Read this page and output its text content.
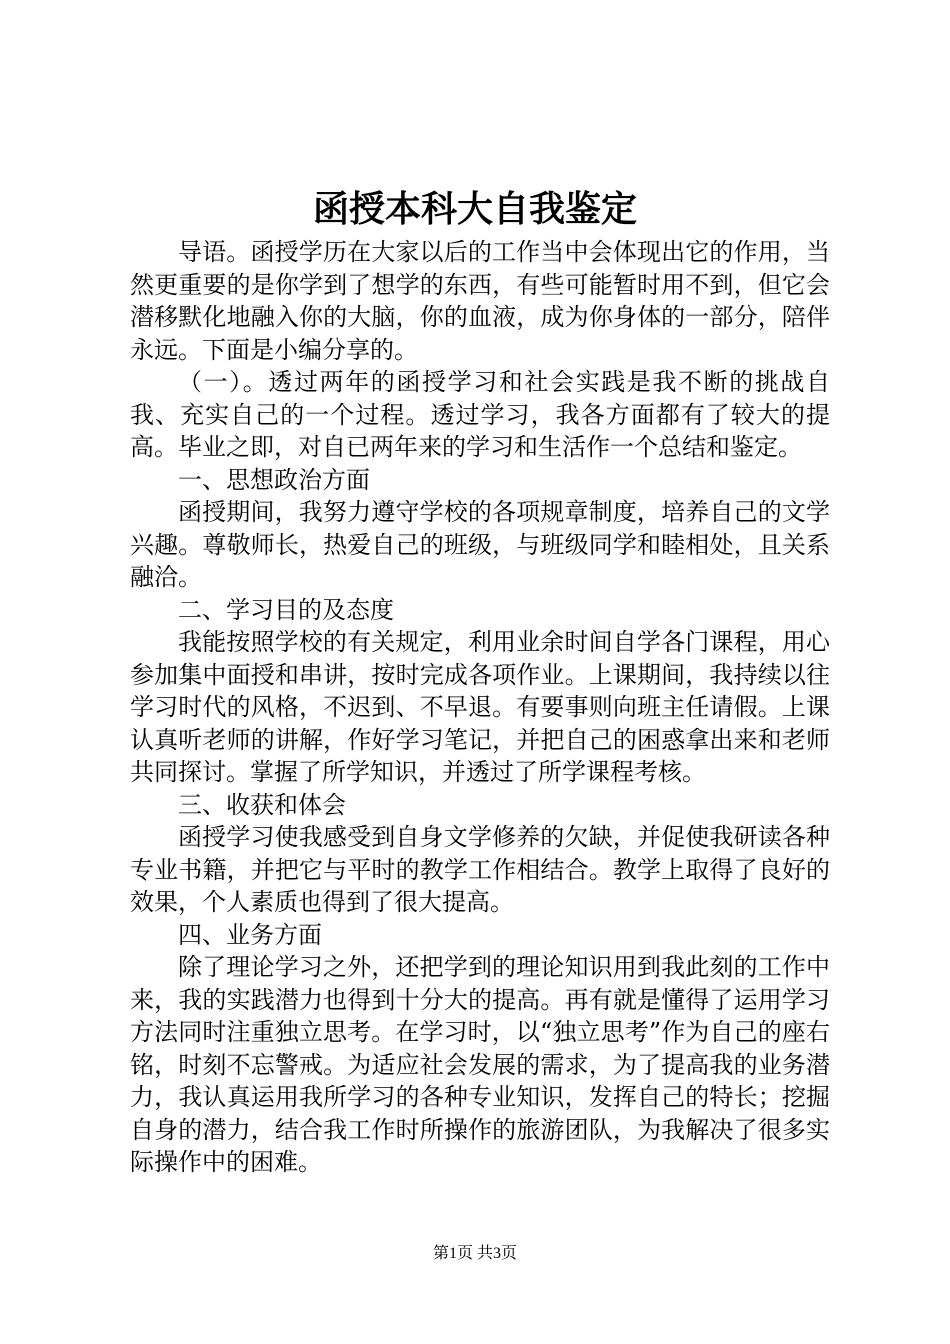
函授本科大自我鉴定

导语。函授学历在大家以后的工作当中会体现出它的作用，当然更重要的是你学到了想学的东西，有些可能暂时用不到，但它会潜移默化地融入你的大脑，你的血液，成为你身体的一部分，陪伴永远。下面是小编分享的。

（一）。透过两年的函授学习和社会实践是我不断的挑战自我、充实自己的一个过程。透过学习，我各方面都有了较大的提高。毕业之即，对自已两年来的学习和生活作一个总结和鉴定。

一、思想政治方面

函授期间，我努力遵守学校的各项规章制度，培养自己的文学兴趣。尊敬师长，热爱自己的班级，与班级同学和睦相处，且关系融洽。

二、学习目的及态度

我能按照学校的有关规定，利用业余时间自学各门课程，用心参加集中面授和串讲，按时完成各项作业。上课期间，我持续以往学习时代的风格，不迟到、不早退。有要事则向班主任请假。上课认真听老师的讲解，作好学习笔记，并把自己的困惑拿出来和老师共同探讨。掌握了所学知识，并透过了所学课程考核。

三、收获和体会

函授学习使我感受到自身文学修养的欠缺，并促使我研读各种专业书籍，并把它与平时的教学工作相结合。教学上取得了良好的效果，个人素质也得到了很大提高。

四、业务方面

除了理论学习之外，还把学到的理论知识用到我此刻的工作中来，我的实践潜力也得到十分大的提高。再有就是懂得了运用学习方法同时注重独立思考。在学习时，以“独立思考”作为自己的座右铭，时刻不忘警戒。为适应社会发展的需求，为了提高我的业务潜力，我认真运用我所学习的各种专业知识，发挥自己的特长；挖掘自身的潜力，结合我工作时所操作的旅游团队，为我解决了很多实际操作中的困难。

第1页 共3页
